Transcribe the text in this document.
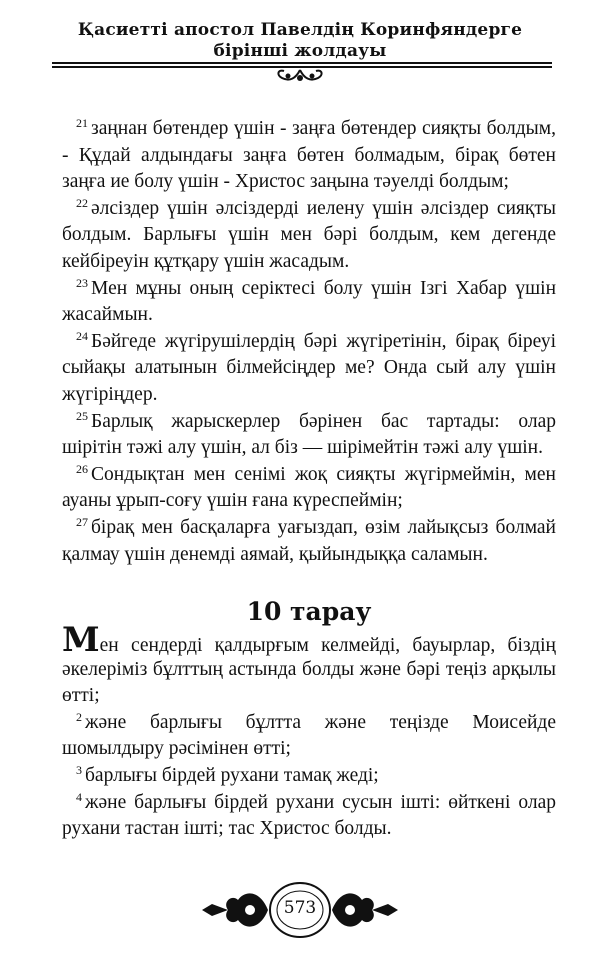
Қасиетті апостол Павелдің Коринфяндерге
бірінші жолдауы
$^{21}$ заңнан бөтендер үшін - заңға бөтендер сияқты болдым,
- Құдай алдындағы заңға бөтен болмадым, бірақ бөтен
заңға ие болу үшін - Христос заңына тәуелді болдым;
$^{22}$ әлсіздер үшін әлсіздерді иелену үшін әлсіздер сияқты
болдым. Барлығы үшін мен бәрі болдым, кем дегенде
кейбіреуін құтқару үшін жасадым.
$^{23}$ Мен мұны оның серіктесі болу үшін Ізгі Хабар үшін
жасаймын.
$^{24}$ Бәйгеде жүгірушілердің бәрі жүгіретінін, бірақ біреуі
сыйақы алатынын білмейсіңдер ме? Онда сый алу үшін
жүгіріңдер.
$^{25}$ Барлық жарыскерлер бәрінен бас тартады: олар
шірітін тәжі алу үшін, ал біз — шірімейтін тәжі алу үшін.
$^{26}$ Сондықтан мен сенімі жоқ сияқты жүгірмеймін, мен
ауаны ұрып-соғу үшін ғана күреспеймін;
$^{27}$ бірақ мен басқаларға уағыздап, өзім лайықсыз болмай
қалмау үшін денемді аямай, қыйындыққа саламын.
10 тарау
Мен сендерді қалдырғым келмейді, бауырлар, біздің
әкелеріміз бұлттың астында болды және бәрі теңіз арқылы
өтті;
$^2$ және барлығы бұлтта және теңізде Моисейде
шомылдыру рәсімінен өтті;
$^3$ барлығы бірдей рухани тамақ жеді;
$^4$ және барлығы бірдей рухани сусын ішті: өйткені олар
рухани тастан ішті; тас Христос болды.
573
